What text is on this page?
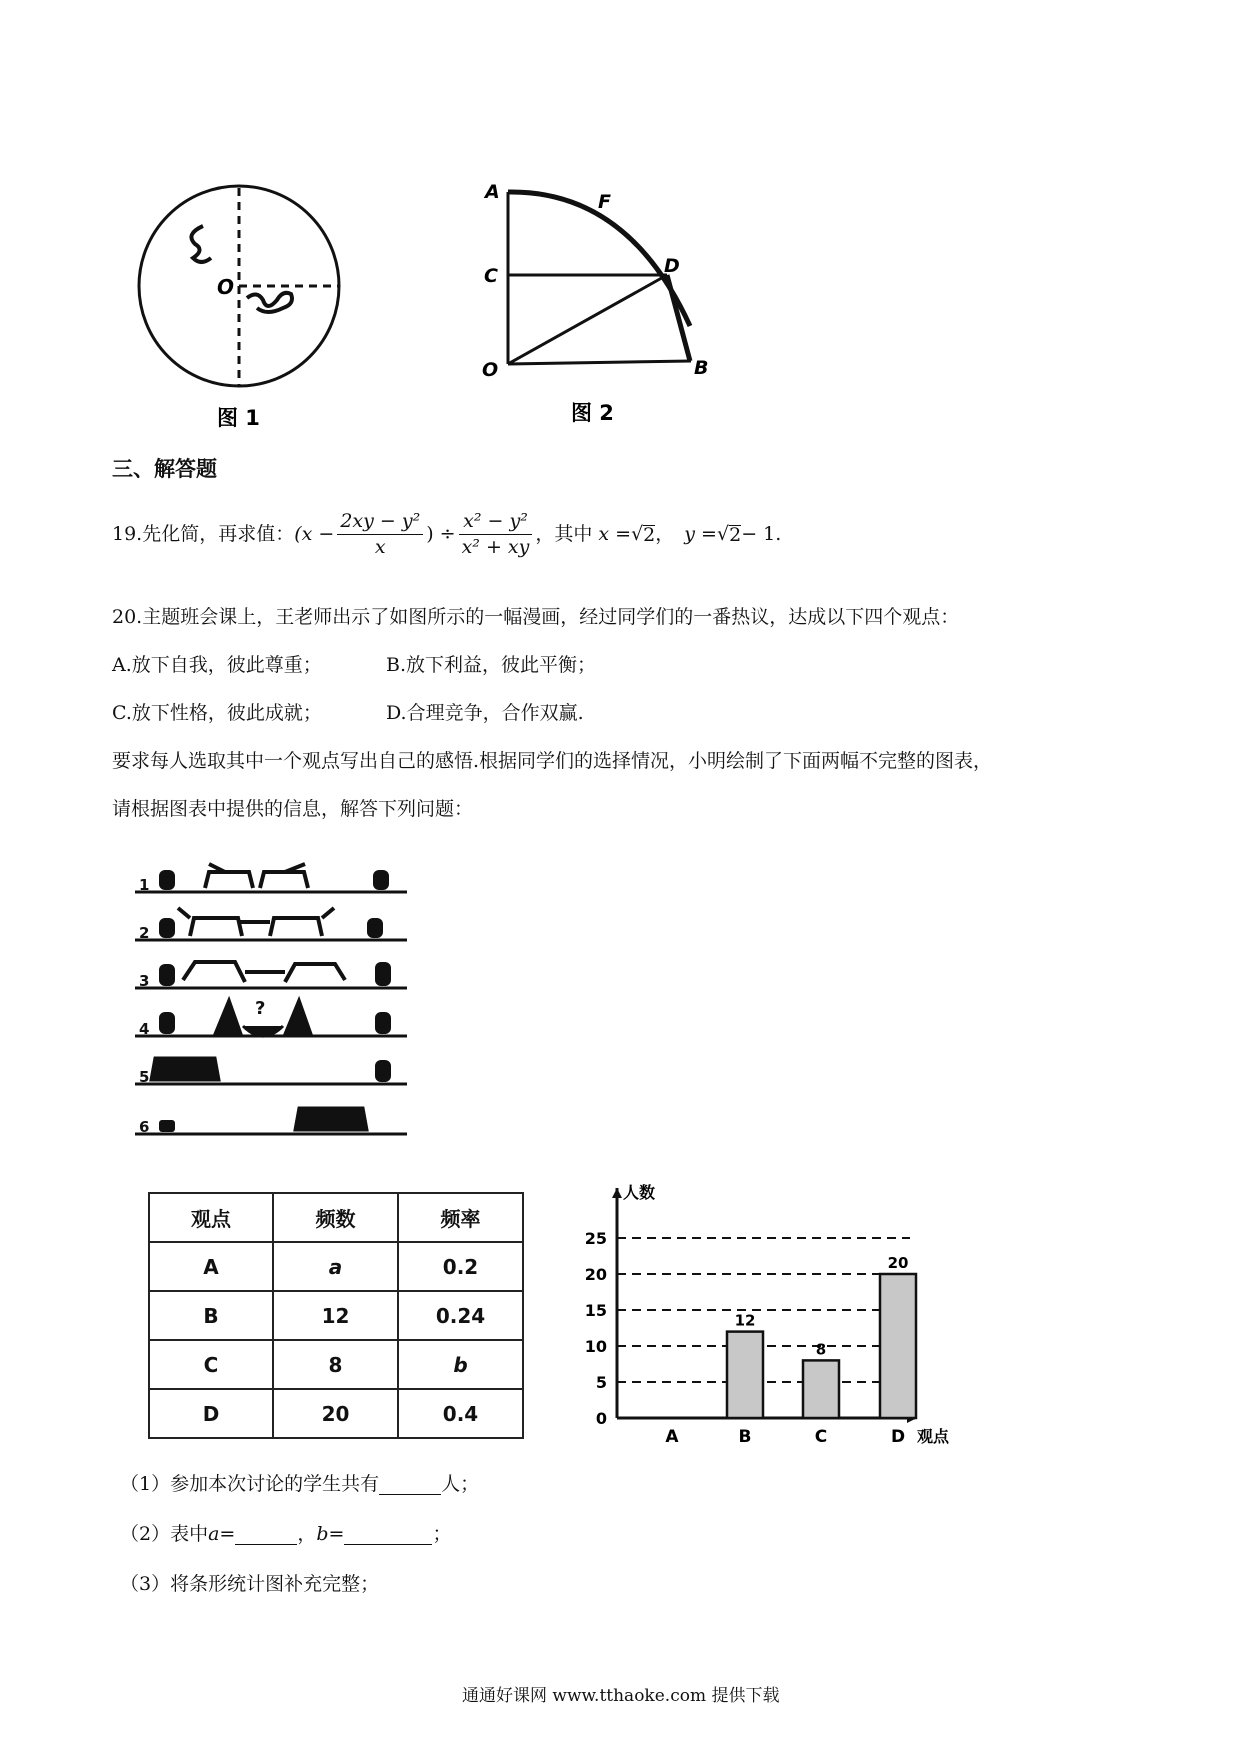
O
图 1
A	F
C	D
O	B
图 2
三、解答题
19.先化简，再求值： ($x - \frac{\text{2xy − y²}}{x}$ ) ÷ $\frac{\text{x² − y²}}{\text{x² + xy}}$ ，其中 x = √ 2 ， y = √ 2 − 1.
20.主题班会课上，王老师出示了如图所示的一幅漫画，经过同学们的一番热议，达成以下四个观点：
A.放下自我，彼此尊重；	B.放下利益，彼此平衡；
C.放下性格，彼此成就；	D.合理竞争，合作双赢.
要求每人选取其中一个观点写出自己的感悟.根据同学们的选择情况，小明绘制了下面两幅不完整的图表，
请根据图表中提供的信息，解答下列问题：
1
2
3
4
?
5
6
观点	频数	频率
A	a	0.2
B	12	0.24
C	8	b
D	20	0.4	0
5
10
15
20
25
人数
A
12
B
8
C
20
D 观点
（1）参加本次讨论的学生共有	人；
（2）表中a=	，b=	；
（3）将条形统计图补充完整；
通通好课网 www.tthaoke.com 提供下载
